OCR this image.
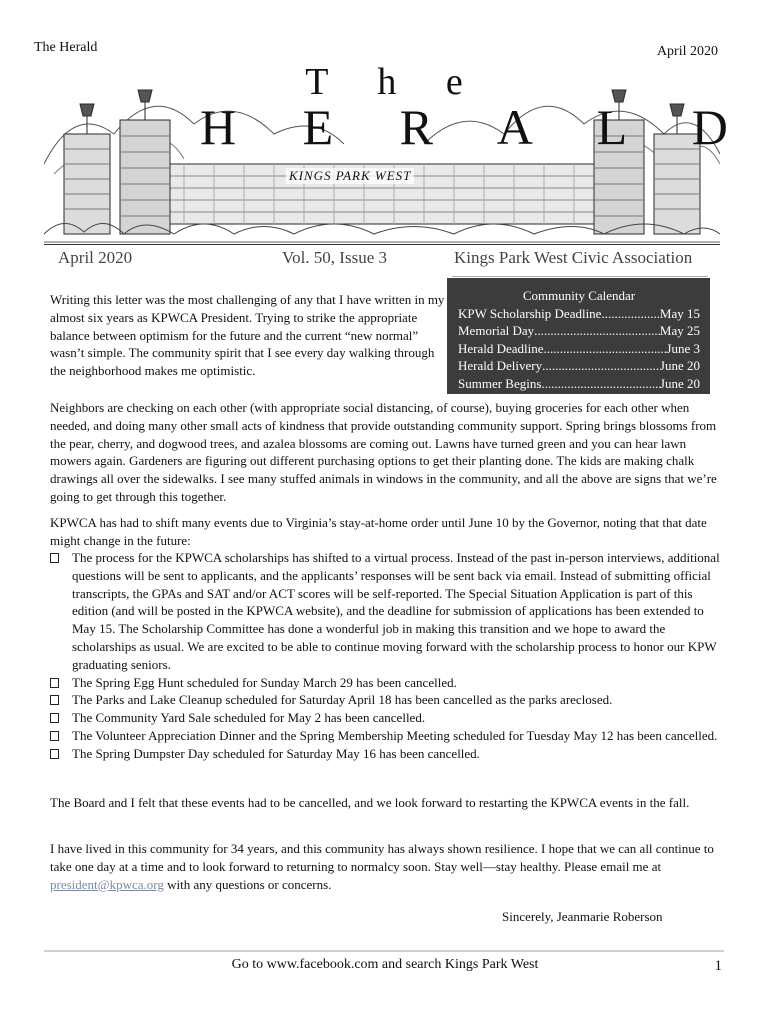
The Herald	April 2020
T h e
H E R A L D
KINGS PARK WEST
April 2020	Vol. 50, Issue 3	Kings Park West Civic Association
Community Calendar
KPW Scholarship Deadline .....	May 15
Memorial Day .....	May 25
Herald Deadline .....	June 3
Herald Delivery .....	June 20
Summer Begins .....	June 20
Writing this letter was the most challenging of any that I have written in my almost six years as KPWCA President. Trying to strike the appropriate balance between optimism for the future and the current “new normal” wasn’t simple. The community spirit that I see every day walking through the neighborhood makes me optimistic.
Neighbors are checking on each other (with appropriate social distancing, of course), buying groceries for each other when needed, and doing many other small acts of kindness that provide outstanding community support. Spring brings blossoms from the pear, cherry, and dogwood trees, and azalea blossoms are coming out. Lawns have turned green and you can hear lawn mowers again. Gardeners are figuring out different purchasing options to get their planting done. The kids are making chalk drawings all over the sidewalks. I see many stuffed animals in windows in the community, and all the above are signs that we’re going to get through this together.
KPWCA has had to shift many events due to Virginia’s stay-at-home order until June 10 by the Governor, noting that that date might change in the future:
The process for the KPWCA scholarships has shifted to a virtual process. Instead of the past in-person interviews, additional questions will be sent to applicants, and the applicants’ responses will be sent back via email. Instead of submitting official transcripts, the GPAs and SAT and/or ACT scores will be self-reported. The Special Situation Application is part of this edition (and will be posted in the KPWCA website), and the deadline for submission of applications has been extended to May 15. The Scholarship Committee has done a wonderful job in making this transition and we hope to award the scholarships as usual. We are excited to be able to continue moving forward with the scholarship process to honor our KPW graduating seniors.
The Spring Egg Hunt scheduled for Sunday March 29 has been cancelled.
The Parks and Lake Cleanup scheduled for Saturday April 18 has been cancelled as the parks areclosed.
The Community Yard Sale scheduled for May 2 has been cancelled.
The Volunteer Appreciation Dinner and the Spring Membership Meeting scheduled for Tuesday May 12 has been cancelled.
The Spring Dumpster Day scheduled for Saturday May 16 has been cancelled.
The Board and I felt that these events had to be cancelled, and we look forward to restarting the KPWCA events in the fall.
I have lived in this community for 34 years, and this community has always shown resilience. I hope that we can all continue to take one day at a time and to look forward to returning to normalcy soon. Stay well—stay healthy. Please email me at president@kpwca.org with any questions or concerns.
Sincerely, Jeanmarie Roberson
Go to www.facebook.com and search Kings Park West	1
